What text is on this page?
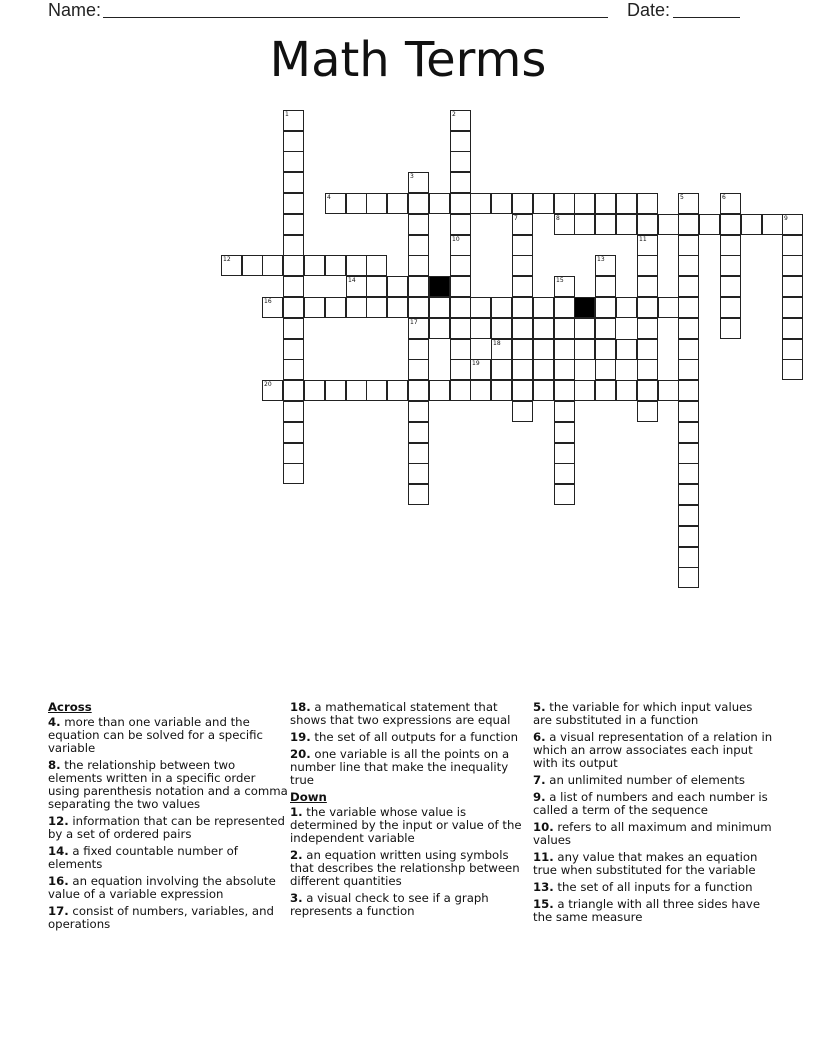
Name:	Date:
Math Terms
4
8
12
14
16
17
18
19
20
1	2
3
5	6
7	9
10	11
13
15
Across
4. more than one variable and the equation can be solved for a specific variable
8. the relationship between two elements written in a specific order using parenthesis notation and a comma separating the two values
12. information that can be represented by a set of ordered pairs
14. a fixed countable number of elements
16. an equation involving the absolute value of a variable expression
17. consist of numbers, variables, and operations
18. a mathematical statement that shows that two expressions are equal
19. the set of all outputs for a function
20. one variable is all the points on a number line that make the inequality true
Down
1. the variable whose value is determined by the input or value of the independent variable
2. an equation written using symbols that describes the relationshp between different quantities
3. a visual check to see if a graph represents a function
5. the variable for which input values are substituted in a function
6. a visual representation of a relation in which an arrow associates each input with its output
7. an unlimited number of elements
9. a list of numbers and each number is called a term of the sequence
10. refers to all maximum and minimum values
11. any value that makes an equation true when substituted for the variable
13. the set of all inputs for a function
15. a triangle with all three sides have the same measure
